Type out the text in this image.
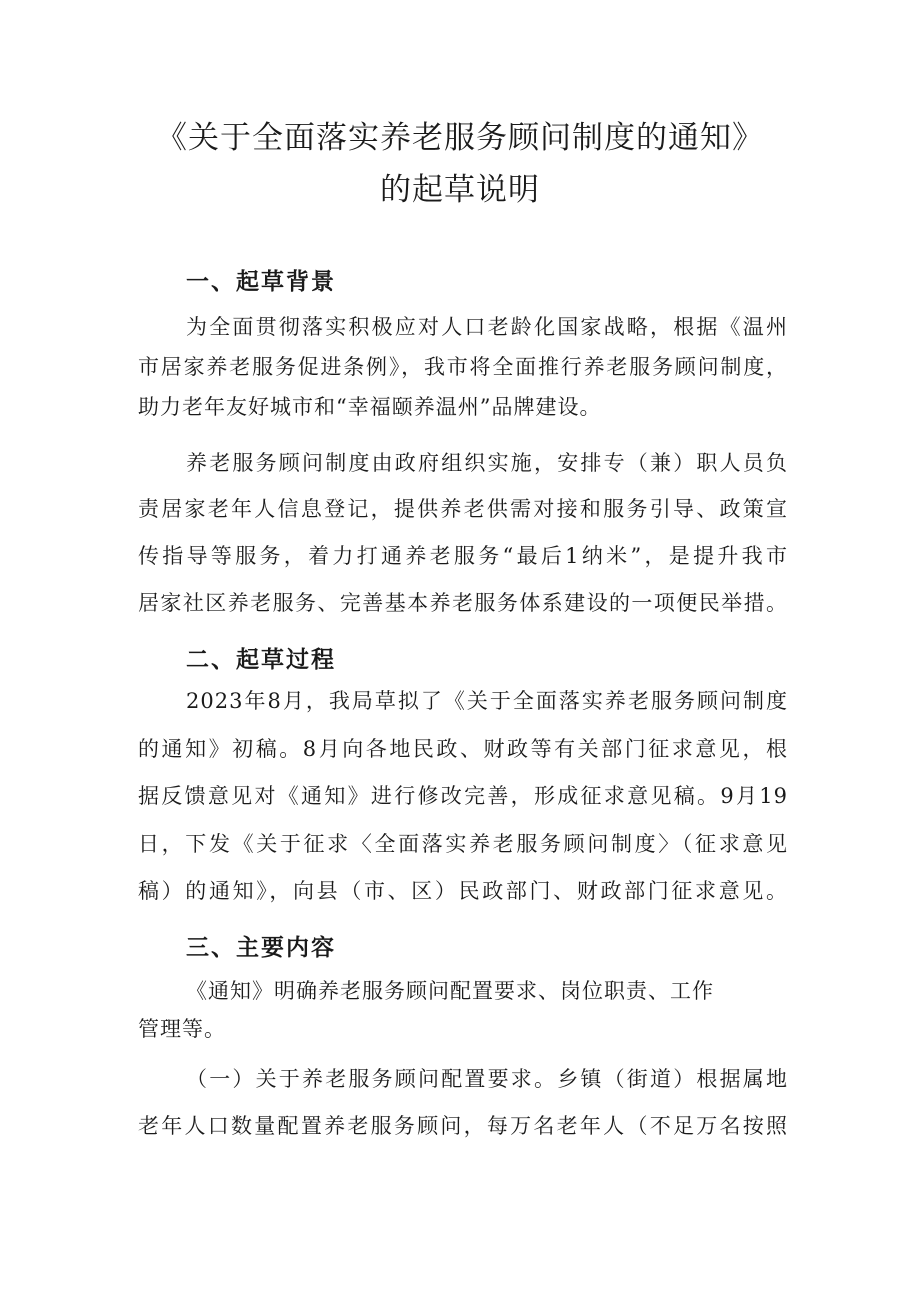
《关于全面落实养老服务顾问制度的通知》
的起草说明
一、起草背景
为全面贯彻落实积极应对人口老龄化国家战略，根据《温州
市居家养老服务促进条例》，我市将全面推行养老服务顾问制度，
助力老年友好城市和“幸福颐养温州”品牌建设。
养老服务顾问制度由政府组织实施，安排专（兼）职人员负
责居家老年人信息登记，提供养老供需对接和服务引导、政策宣
传指导等服务，着力打通养老服务“最后1纳米”，是提升我市
居家社区养老服务、完善基本养老服务体系建设的一项便民举措。
二、起草过程
2023年8月，我局草拟了《关于全面落实养老服务顾问制度
的通知》初稿。8月向各地民政、财政等有关部门征求意见，根
据反馈意见对《通知》进行修改完善，形成征求意见稿。9月19
日，下发《关于征求〈全面落实养老服务顾问制度〉（征求意见
稿）的通知》，向县（市、区）民政部门、财政部门征求意见。
三、主要内容
《通知》明确养老服务顾问配置要求、岗位职责、工作
管理等。
（一）关于养老服务顾问配置要求。乡镇（街道）根据属地
老年人口数量配置养老服务顾问，每万名老年人（不足万名按照
